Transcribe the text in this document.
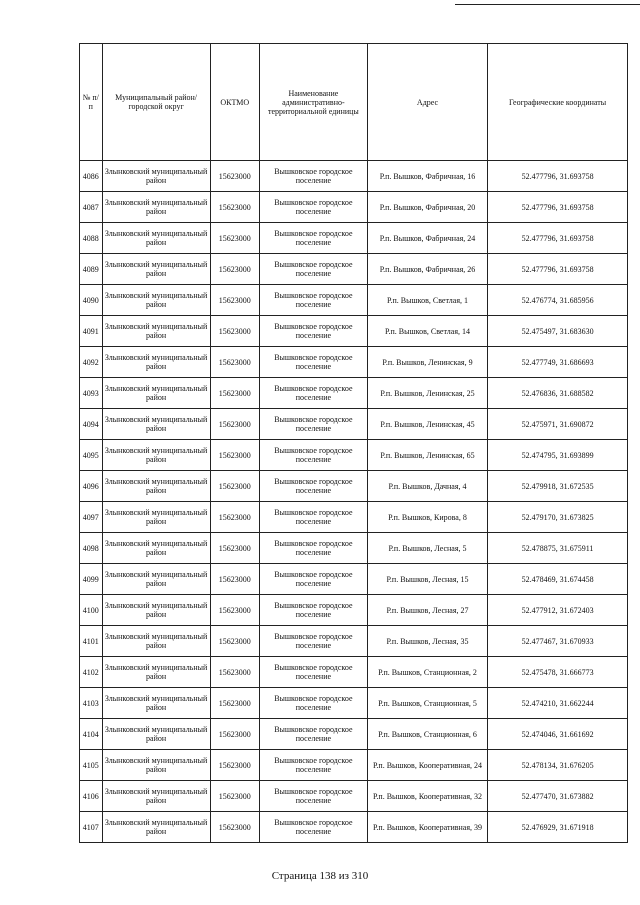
№ п/п	Муниципальный район/городской округ	ОКТМО	Наименование административно-территориальной единицы	Адрес	Географические координаты
4086	Злынковский муниципальный район	15623000	Вышковское городское поселение	Р.п. Вышков, Фабричная, 16	52.477796, 31.693758
4087	Злынковский муниципальный район	15623000	Вышковское городское поселение	Р.п. Вышков, Фабричная, 20	52.477796, 31.693758
4088	Злынковский муниципальный район	15623000	Вышковское городское поселение	Р.п. Вышков, Фабричная, 24	52.477796, 31.693758
4089	Злынковский муниципальный район	15623000	Вышковское городское поселение	Р.п. Вышков, Фабричная, 26	52.477796, 31.693758
4090	Злынковский муниципальный район	15623000	Вышковское городское поселение	Р.п. Вышков, Светлая, 1	52.476774, 31.685956
4091	Злынковский муниципальный район	15623000	Вышковское городское поселение	Р.п. Вышков, Светлая, 14	52.475497, 31.683630
4092	Злынковский муниципальный район	15623000	Вышковское городское поселение	Р.п. Вышков, Ленинская, 9	52.477749, 31.686693
4093	Злынковский муниципальный район	15623000	Вышковское городское поселение	Р.п. Вышков, Ленинская, 25	52.476836, 31.688582
4094	Злынковский муниципальный район	15623000	Вышковское городское поселение	Р.п. Вышков, Ленинская, 45	52.475971, 31.690872
4095	Злынковский муниципальный район	15623000	Вышковское городское поселение	Р.п. Вышков, Ленинская, 65	52.474795, 31.693899
4096	Злынковский муниципальный район	15623000	Вышковское городское поселение	Р.п. Вышков, Дачная, 4	52.479918, 31.672535
4097	Злынковский муниципальный район	15623000	Вышковское городское поселение	Р.п. Вышков, Кирова, 8	52.479170, 31.673825
4098	Злынковский муниципальный район	15623000	Вышковское городское поселение	Р.п. Вышков, Лесная, 5	52.478875, 31.675911
4099	Злынковский муниципальный район	15623000	Вышковское городское поселение	Р.п. Вышков, Лесная, 15	52.478469, 31.674458
4100	Злынковский муниципальный район	15623000	Вышковское городское поселение	Р.п. Вышков, Лесная, 27	52.477912, 31.672403
4101	Злынковский муниципальный район	15623000	Вышковское городское поселение	Р.п. Вышков, Лесная, 35	52.477467, 31.670933
4102	Злынковский муниципальный район	15623000	Вышковское городское поселение	Р.п. Вышков, Станционная, 2	52.475478, 31.666773
4103	Злынковский муниципальный район	15623000	Вышковское городское поселение	Р.п. Вышков, Станционная, 5	52.474210, 31.662244
4104	Злынковский муниципальный район	15623000	Вышковское городское поселение	Р.п. Вышков, Станционная, 6	52.474046, 31.661692
4105	Злынковский муниципальный район	15623000	Вышковское городское поселение	Р.п. Вышков, Кооперативная, 24	52.478134, 31.676205
4106	Злынковский муниципальный район	15623000	Вышковское городское поселение	Р.п. Вышков, Кооперативная, 32	52.477470, 31.673882
4107	Злынковский муниципальный район	15623000	Вышковское городское поселение	Р.п. Вышков, Кооперативная, 39	52.476929, 31.671918
Страница 138 из 310
